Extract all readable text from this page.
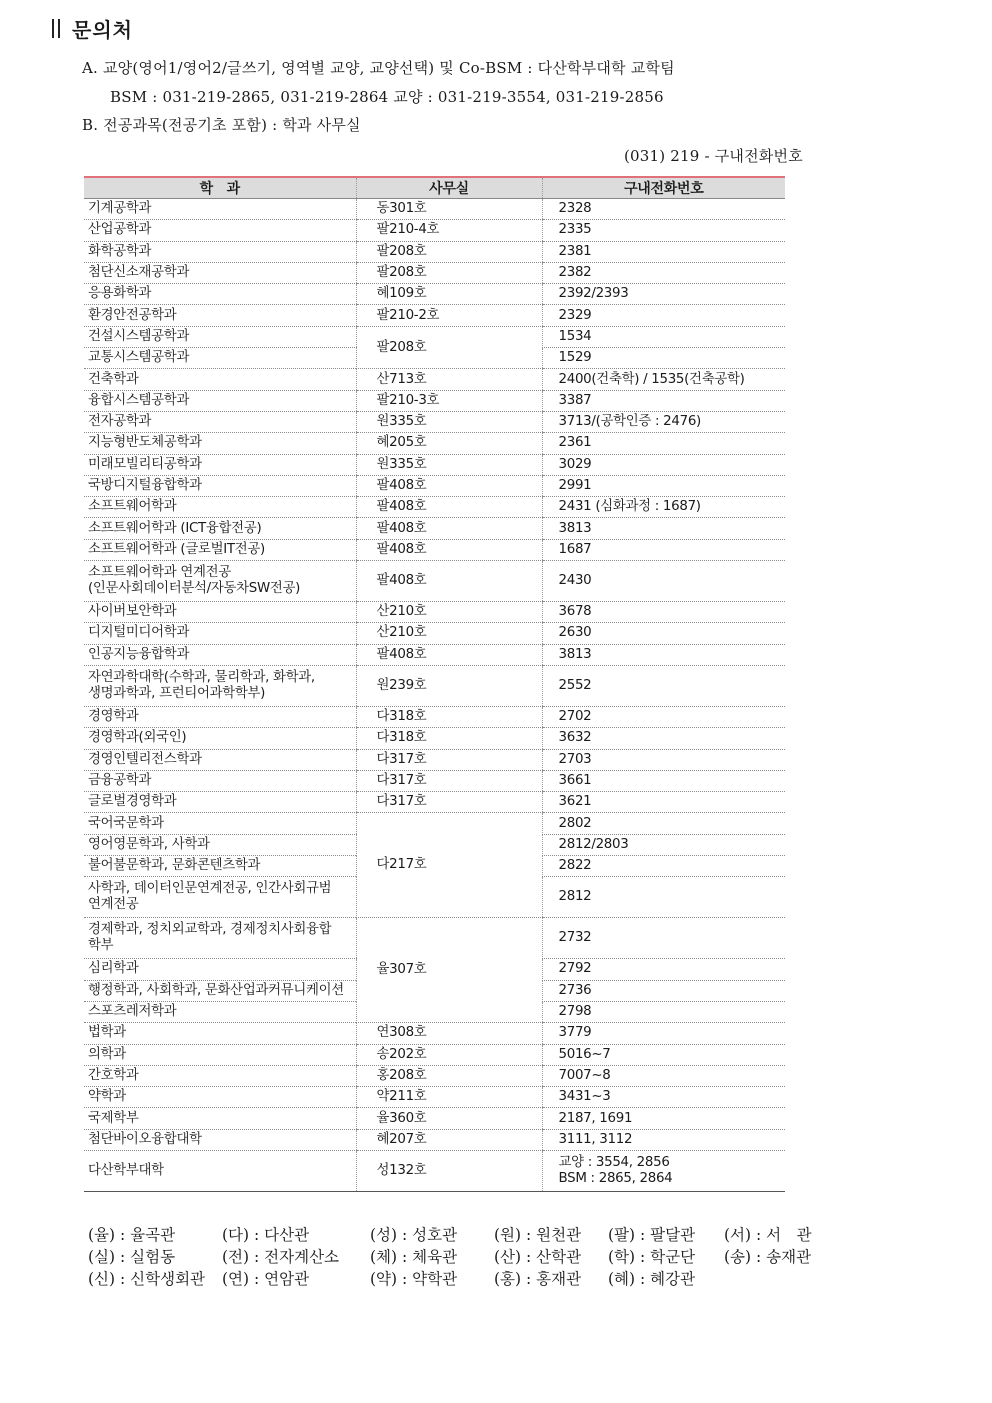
문의처
A. 교양(영어1/영어2/글쓰기, 영역별 교양, 교양선택) 및 Co-BSM : 다산학부대학 교학팀
BSM : 031-219-2865, 031-219-2864 교양 : 031-219-3554, 031-219-2856
B. 전공과목(전공기초 포함) : 학과 사무실
(031) 219 - 구내전화번호
학　과	사무실	구내전화번호
기계공학과	동301호	2328
산업공학과	팔210-4호	2335
화학공학과	팔208호	2381
첨단신소재공학과	팔208호	2382
응용화학과	혜109호	2392/2393
환경안전공학과	팔210-2호	2329
건설시스템공학과	팔208호	1534
교통시스템공학과		1529
건축학과	산713호	2400(건축학) / 1535(건축공학)
융합시스템공학과	팔210-3호	3387
전자공학과	원335호	3713/(공학인증 : 2476)
지능형반도체공학과	혜205호	2361
미래모빌리티공학과	원335호	3029
국방디지털융합학과	팔408호	2991
소프트웨어학과	팔408호	2431 (심화과정 : 1687)
소프트웨어학과 (ICT융합전공)	팔408호	3813
소프트웨어학과 (글로벌IT전공)	팔408호	1687
소프트웨어학과 연계전공
(인문사회데이터분석/자동차SW전공)	팔408호	2430
사이버보안학과	산210호	3678
디지털미디어학과	산210호	2630
인공지능융합학과	팔408호	3813
자연과학대학(수학과, 물리학과, 화학과,
생명과학과, 프런티어과학학부)	원239호	2552
경영학과	다318호	2702
경영학과(외국인)	다318호	3632
경영인텔리전스학과	다317호	2703
금융공학과	다317호	3661
글로벌경영학과	다317호	3621
국어국문학과	다217호	2802
영어영문학과, 사학과		2812/2803
불어불문학과, 문화콘텐츠학과		2822
사학과, 데이터인문연계전공, 인간사회규범
연계전공		2812
경제학과, 정치외교학과, 경제정치사회융합
학부	율307호	2732
심리학과		2792
행정학과, 사회학과, 문화산업과커뮤니케이션		2736
스포츠레저학과		2798
법학과	연308호	3779
의학과	송202호	5016~7
간호학과	홍208호	7007~8
약학과	약211호	3431~3
국제학부	율360호	2187, 1691
첨단바이오융합대학	혜207호	3111, 3112
다산학부대학	성132호	교양 : 3554, 2856
BSM : 2865, 2864
(율) : 율곡관	(다) : 다산관	(성) : 성호관	(원) : 원천관	(팔) : 팔달관	(서) : 서　관
(실) : 실험동	(전) : 전자계산소	(체) : 체육관	(산) : 산학관	(학) : 학군단	(송) : 송재관
(신) : 신학생회관	(연) : 연암관	(약) : 약학관	(홍) : 홍재관	(혜) : 혜강관
